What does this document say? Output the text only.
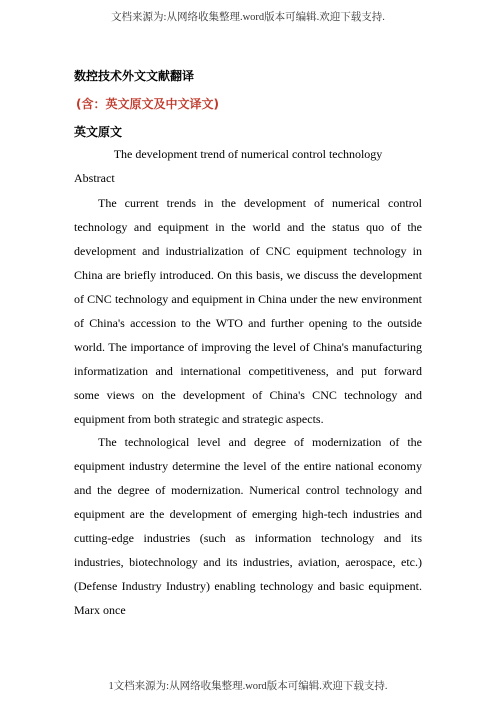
文档来源为:从网络收集整理.word版本可编辑.欢迎下载支持.
数控技术外文文献翻译
(含：英文原文及中文译文)
英文原文
The development trend of numerical control technology
Abstract

The current trends in the development of numerical control technology and equipment in the world and the status quo of the development and industrialization of CNC equipment technology in China are briefly introduced. On this basis, we discuss the development of CNC technology and equipment in China under the new environment of China's accession to the WTO and further opening to the outside world. The importance of improving the level of China's manufacturing informatization and international competitiveness, and put forward some views on the development of China's CNC technology and equipment from both strategic and strategic aspects.

The technological level and degree of modernization of the equipment industry determine the level of the entire national economy and the degree of modernization. Numerical control technology and equipment are the development of emerging high-tech industries and cutting-edge industries (such as information technology and its industries, biotechnology and its industries, aviation, aerospace, etc.) (Defense Industry Industry) enabling technology and basic equipment. Marx once

1文档来源为:从网络收集整理.word版本可编辑.欢迎下载支持.
